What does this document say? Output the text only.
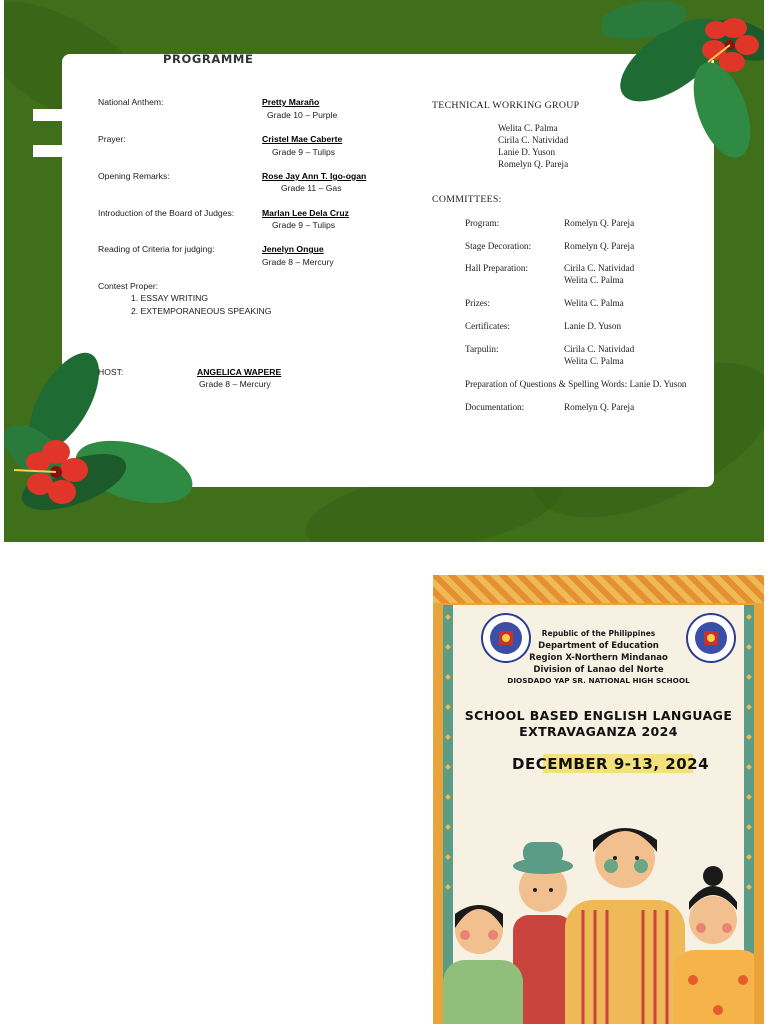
PROGRAMME
National Anthem:	Pretty Maraño
Grade 10 – Purple
Prayer:	Cristel Mae Caberte
Grade 9 – Tulips
Opening Remarks:	Rose Jay Ann T. Igo-ogan
Grade 11 – Gas
Introduction of the Board of Judges:	Marlan Lee Dela Cruz
Grade 9 – Tulips
Reading of Criteria for judging:	Jenelyn Ongue
Grade 8 – Mercury
Contest Proper:
1. ESSAY WRITING
2. EXTEMPORANEOUS SPEAKING
HOST:	ANGELICA WAPERE
Grade 8 – Mercury
TECHNICAL WORKING GROUP
Welita C. Palma
Cirila C. Natividad
Lanie D. Yuson
Romelyn Q. Pareja
COMMITTEES:
Program:	Romelyn Q. Pareja
Stage Decoration:	Romelyn Q. Pareja
Hall Preparation:	Cirila C. Natividad
Welita C. Palma
Prizes:	Welita C. Palma
Certificates:	Lanie D. Yuson
Tarpulin:	Cirila C. Natividad
Welita C. Palma
Preparation of Questions & Spelling Words: Lanie D. Yuson
Documentation:	Romelyn Q. Pareja
Republic of the Philippines
Department of Education
Region X-Northern Mindanao
Division of Lanao del Norte
DIOSDADO YAP SR. NATIONAL HIGH SCHOOL
SCHOOL BASED ENGLISH LANGUAGE
EXTRAVAGANZA 2024
DECEMBER 9-13, 2024
